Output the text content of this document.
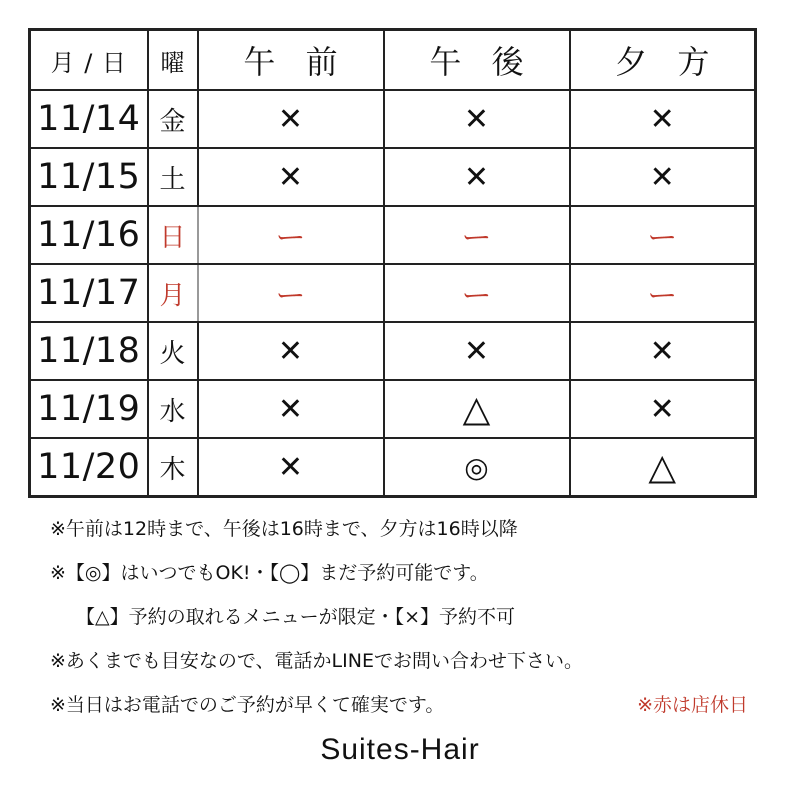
月 / 日	曜	午 前	午 後	夕 方
11/14	金	✕	✕	✕
11/15	土	✕	✕	✕
11/16	日	ー	ー	ー
11/17	月	ー	ー	ー
11/18	火	✕	✕	✕
11/19	水	✕	△	✕
11/20	木	✕	◎	△
※午前は12時まで、午後は16時まで、夕方は16時以降
※【◎】はいつでもOK!・【◯】まだ予約可能です。
【△】予約の取れるメニューが限定・【×】予約不可
※あくまでも目安なので、電話かLINEでお問い合わせ下さい。
※当日はお電話でのご予約が早くて確実です。	※赤は店休日
Suites-Hair
